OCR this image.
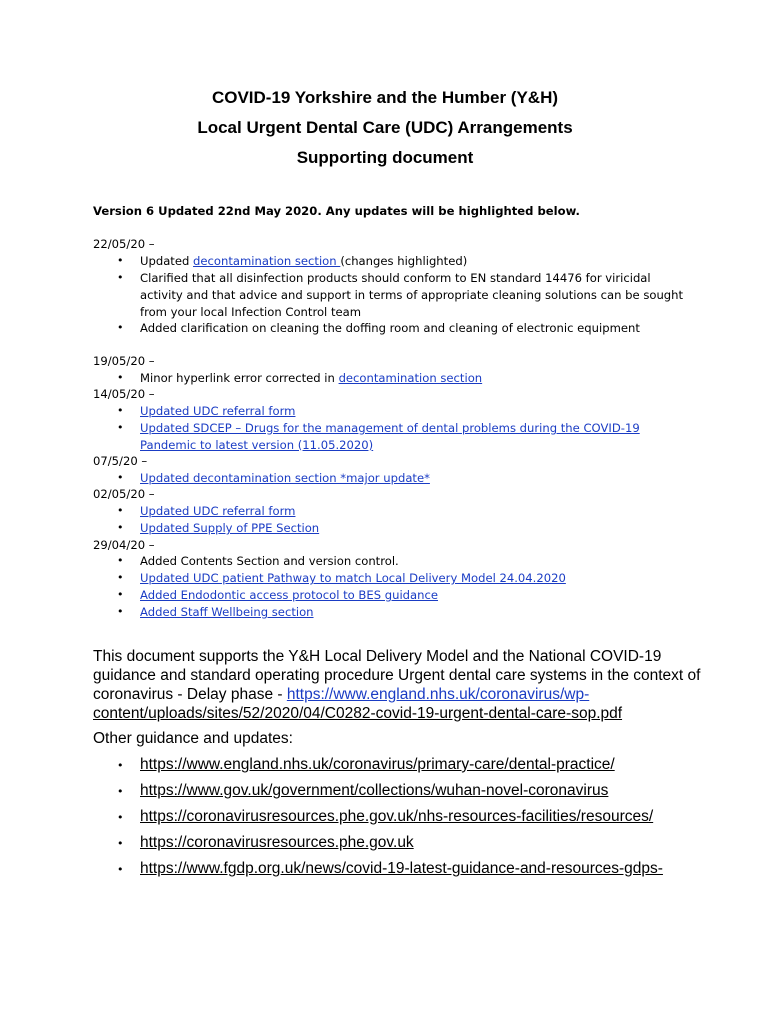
COVID-19 Yorkshire and the Humber (Y&H)
Local Urgent Dental Care (UDC) Arrangements
Supporting document
Version 6 Updated 22nd May 2020. Any updates will be highlighted below.
22/05/20 –
• Updated decontamination section (changes highlighted)
• Clarified that all disinfection products should conform to EN standard 14476 for viricidal
activity and that advice and support in terms of appropriate cleaning solutions can be sought
from your local Infection Control team
• Added clarification on cleaning the doffing room and cleaning of electronic equipment
19/05/20 –
• Minor hyperlink error corrected in decontamination section
14/05/20 –
• Updated UDC referral form
• Updated SDCEP – Drugs for the management of dental problems during the COVID-19
Pandemic to latest version (11.05.2020)
07/5/20 –
• Updated decontamination section *major update*
02/05/20 –
• Updated UDC referral form
• Updated Supply of PPE Section
29/04/20 –
• Added Contents Section and version control.
• Updated UDC patient Pathway to match Local Delivery Model 24.04.2020
• Added Endodontic access protocol to BES guidance
• Added Staff Wellbeing section
This document supports the Y&H Local Delivery Model and the National COVID-19
guidance and standard operating procedure Urgent dental care systems in the context of
coronavirus - Delay phase - https://www.england.nhs.uk/coronavirus/wp-
content/uploads/sites/52/2020/04/C0282-covid-19-urgent-dental-care-sop.pdf
Other guidance and updates:
• https://www.england.nhs.uk/coronavirus/primary-care/dental-practice/
• https://www.gov.uk/government/collections/wuhan-novel-coronavirus
• https://coronavirusresources.phe.gov.uk/nhs-resources-facilities/resources/
• https://coronavirusresources.phe.gov.uk
• https://www.fgdp.org.uk/news/covid-19-latest-guidance-and-resources-gdps-
